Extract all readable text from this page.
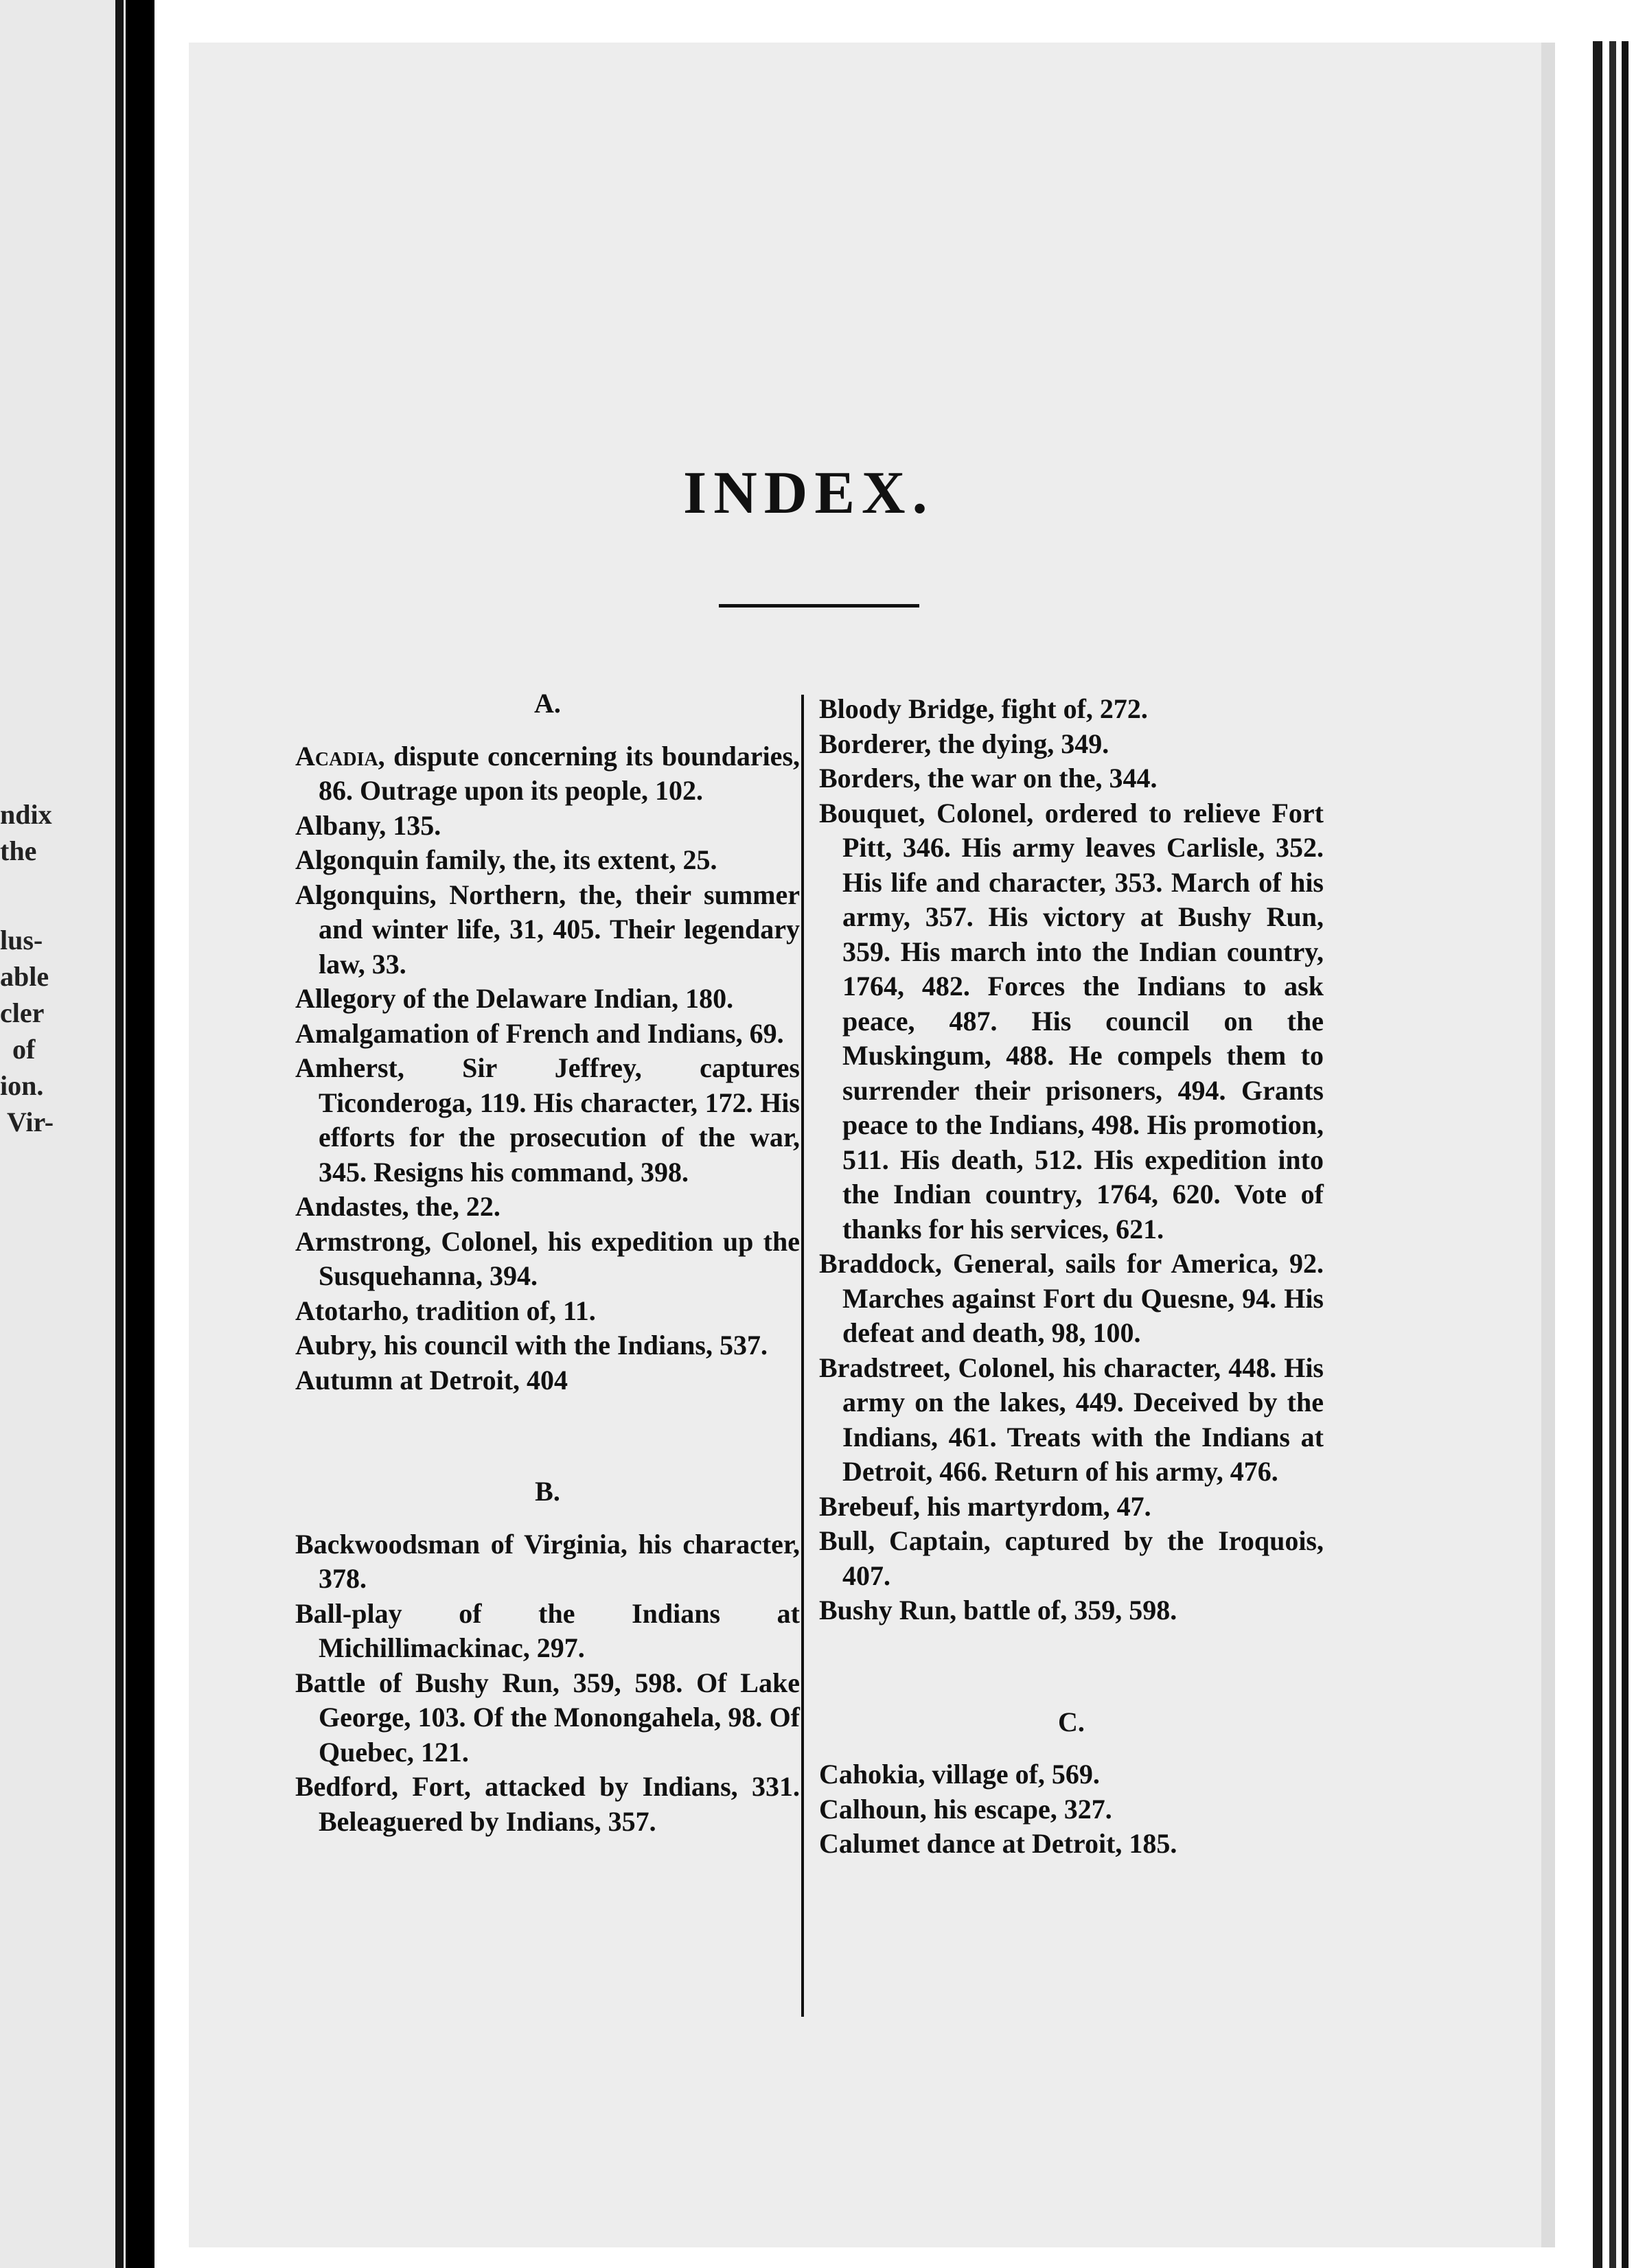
ndix
the
lus-
able
cler
of
ion.
Vir-
INDEX.

A.

Acadia, dispute concerning its boundaries, 86. Outrage upon its people, 102.

Albany, 135.

Algonquin family, the, its extent, 25.

Algonquins, Northern, the, their summer and winter life, 31, 405. Their legendary law, 33.

Allegory of the Delaware Indian, 180.

Amalgamation of French and Indians, 69.

Amherst, Sir Jeffrey, captures Ticonderoga, 119. His character, 172. His efforts for the prosecution of the war, 345. Resigns his command, 398.

Andastes, the, 22.

Armstrong, Colonel, his expedition up the Susquehanna, 394.

Atotarho, tradition of, 11.

Aubry, his council with the Indians, 537.

Autumn at Detroit, 404

B.

Backwoodsman of Virginia, his character, 378.

Ball-play of the Indians at Michillimackinac, 297.

Battle of Bushy Run, 359, 598. Of Lake George, 103. Of the Monongahela, 98. Of Quebec, 121.

Bedford, Fort, attacked by Indians, 331. Beleaguered by Indians, 357.

Bloody Bridge, fight of, 272.

Borderer, the dying, 349.

Borders, the war on the, 344.

Bouquet, Colonel, ordered to relieve Fort Pitt, 346. His army leaves Carlisle, 352. His life and character, 353. March of his army, 357. His victory at Bushy Run, 359. His march into the Indian country, 1764, 482. Forces the Indians to ask peace, 487. His council on the Muskingum, 488. He compels them to surrender their prisoners, 494. Grants peace to the Indians, 498. His promotion, 511. His death, 512. His expedition into the Indian country, 1764, 620. Vote of thanks for his services, 621.

Braddock, General, sails for America, 92. Marches against Fort du Quesne, 94. His defeat and death, 98, 100.

Bradstreet, Colonel, his character, 448. His army on the lakes, 449. Deceived by the Indians, 461. Treats with the Indians at Detroit, 466. Return of his army, 476.

Brebeuf, his martyrdom, 47.

Bull, Captain, captured by the Iroquois, 407.

Bushy Run, battle of, 359, 598.

C.

Cahokia, village of, 569.

Calhoun, his escape, 327.

Calumet dance at Detroit, 185.
